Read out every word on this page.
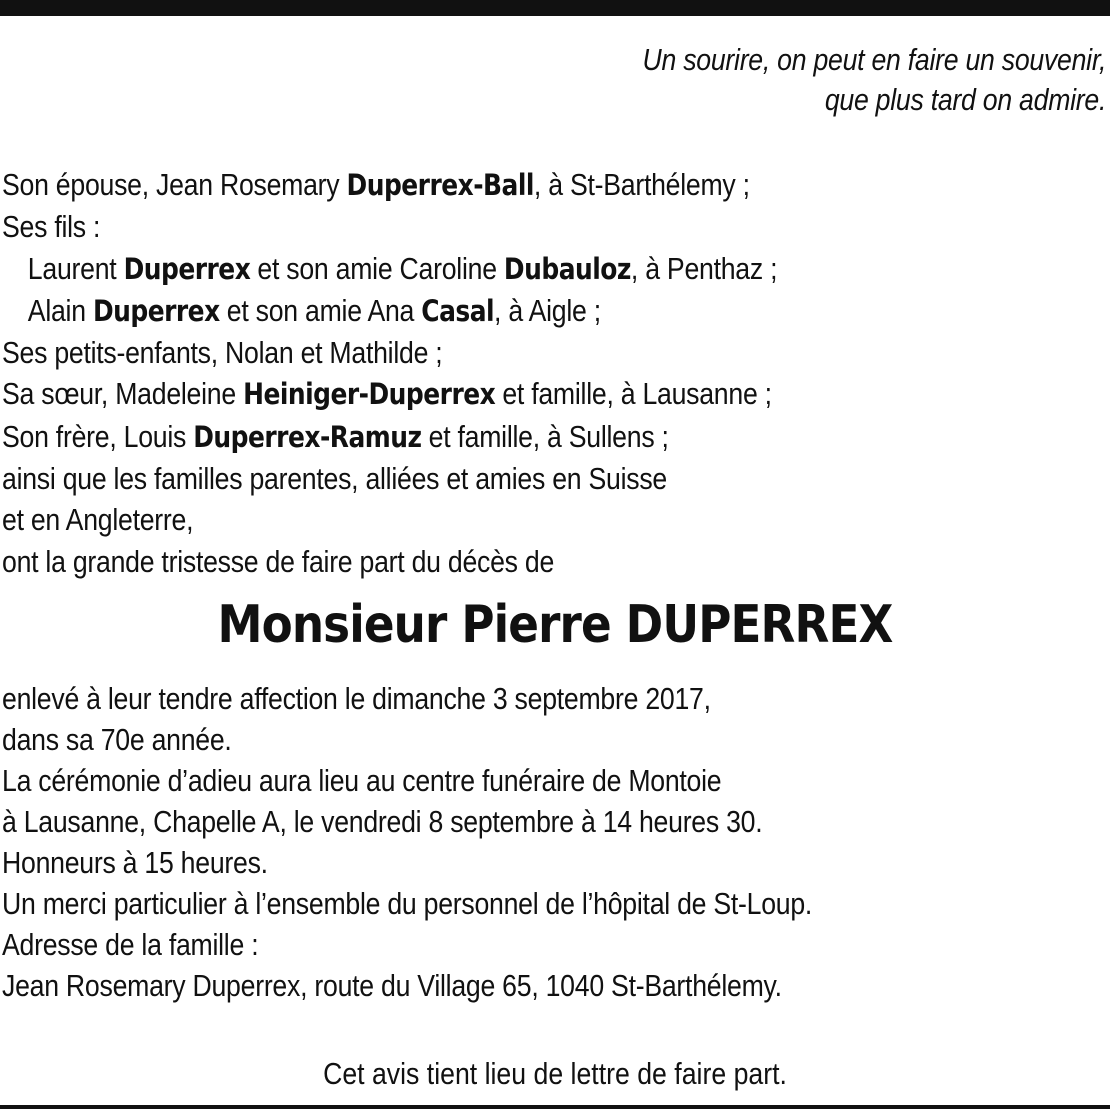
Un sourire, on peut en faire un souvenir,
que plus tard on admire.
Son épouse, Jean Rosemary Duperrex-Ball, à St-Barthélemy ;
Ses fils :
Laurent Duperrex et son amie Caroline Dubauloz, à Penthaz ;
Alain Duperrex et son amie Ana Casal, à Aigle ;
Ses petits-enfants, Nolan et Mathilde ;
Sa sœur, Madeleine Heiniger-Duperrex et famille, à Lausanne ;
Son frère, Louis Duperrex-Ramuz et famille, à Sullens ;
ainsi que les familles parentes, alliées et amies en Suisse
et en Angleterre,
ont la grande tristesse de faire part du décès de
Monsieur Pierre DUPERREX
enlevé à leur tendre affection le dimanche 3 septembre 2017,
dans sa 70e année.
La cérémonie d’adieu aura lieu au centre funéraire de Montoie
à Lausanne, Chapelle A, le vendredi 8 septembre à 14 heures 30.
Honneurs à 15 heures.
Un merci particulier à l’ensemble du personnel de l’hôpital de St-Loup.
Adresse de la famille :
Jean Rosemary Duperrex, route du Village 65, 1040 St-Barthélemy.
Cet avis tient lieu de lettre de faire part.
